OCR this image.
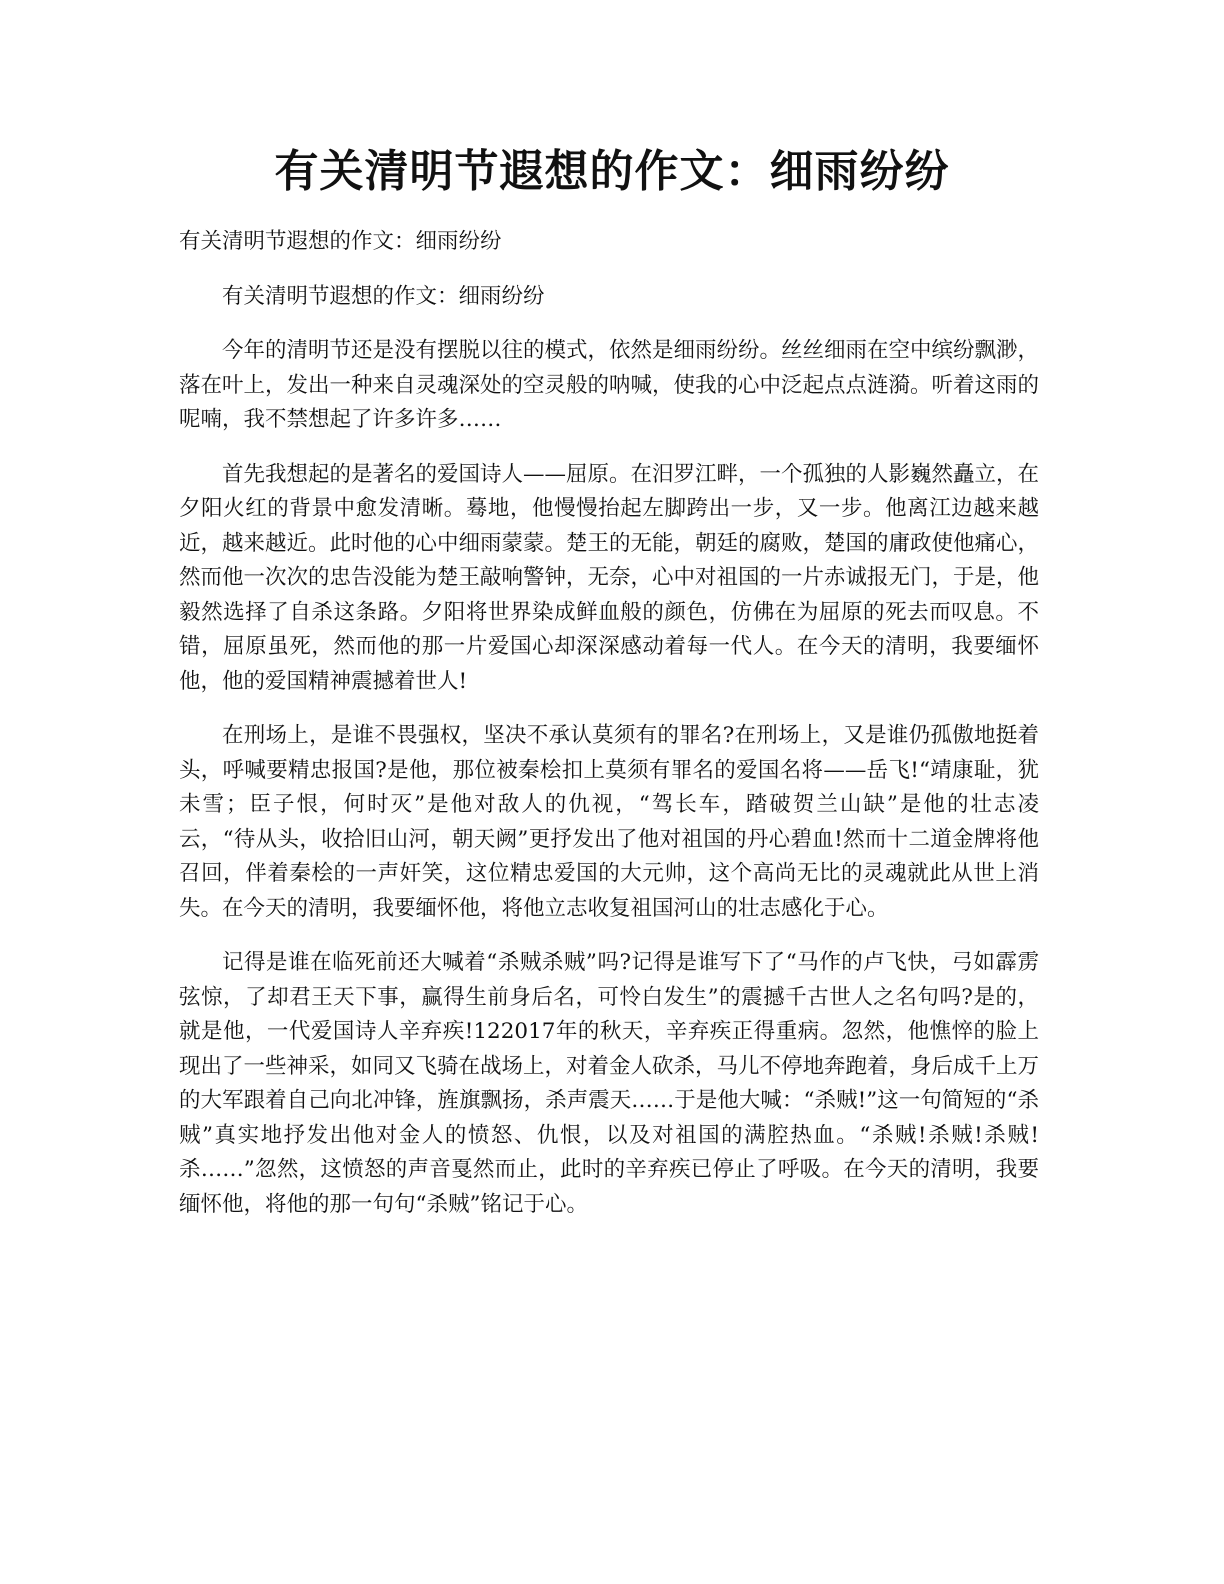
有关清明节遐想的作文：细雨纷纷

有关清明节遐想的作文：细雨纷纷

有关清明节遐想的作文：细雨纷纷

今年的清明节还是没有摆脱以往的模式，依然是细雨纷纷。丝丝细雨在空中缤纷飘渺，落在叶上，发出一种来自灵魂深处的空灵般的呐喊，使我的心中泛起点点涟漪。听着这雨的呢喃，我不禁想起了许多许多……

首先我想起的是著名的爱国诗人——屈原。在汨罗江畔，一个孤独的人影巍然矗立，在夕阳火红的背景中愈发清晰。蓦地，他慢慢抬起左脚跨出一步，又一步。他离江边越来越近，越来越近。此时他的心中细雨蒙蒙。楚王的无能，朝廷的腐败，楚国的庸政使他痛心，然而他一次次的忠告没能为楚王敲响警钟，无奈，心中对祖国的一片赤诚报无门，于是，他毅然选择了自杀这条路。夕阳将世界染成鲜血般的颜色，仿佛在为屈原的死去而叹息。不错，屈原虽死，然而他的那一片爱国心却深深感动着每一代人。在今天的清明，我要缅怀他，他的爱国精神震撼着世人!

在刑场上，是谁不畏强权，坚决不承认莫须有的罪名?在刑场上，又是谁仍孤傲地挺着头，呼喊要精忠报国?是他，那位被秦桧扣上莫须有罪名的爱国名将——岳飞!“靖康耻，犹未雪；臣子恨，何时灭”是他对敌人的仇视，“驾长车，踏破贺兰山缺”是他的壮志凌云，“待从头，收拾旧山河，朝天阙”更抒发出了他对祖国的丹心碧血!然而十二道金牌将他召回，伴着秦桧的一声奸笑，这位精忠爱国的大元帅，这个高尚无比的灵魂就此从世上消失。在今天的清明，我要缅怀他，将他立志收复祖国河山的壮志感化于心。

记得是谁在临死前还大喊着“杀贼杀贼”吗?记得是谁写下了“马作的卢飞快，弓如霹雳弦惊，了却君王天下事，赢得生前身后名，可怜白发生”的震撼千古世人之名句吗?是的，就是他，一代爱国诗人辛弃疾!122017年的秋天，辛弃疾正得重病。忽然，他憔悴的脸上现出了一些神采，如同又飞骑在战场上，对着金人砍杀，马儿不停地奔跑着，身后成千上万的大军跟着自己向北冲锋，旌旗飘扬，杀声震天……于是他大喊：“杀贼!”这一句简短的“杀贼”真实地抒发出他对金人的愤怒、仇恨，以及对祖国的满腔热血。“杀贼!杀贼!杀贼!杀……”忽然，这愤怒的声音戛然而止，此时的辛弃疾已停止了呼吸。在今天的清明，我要缅怀他，将他的那一句句“杀贼”铭记于心。
